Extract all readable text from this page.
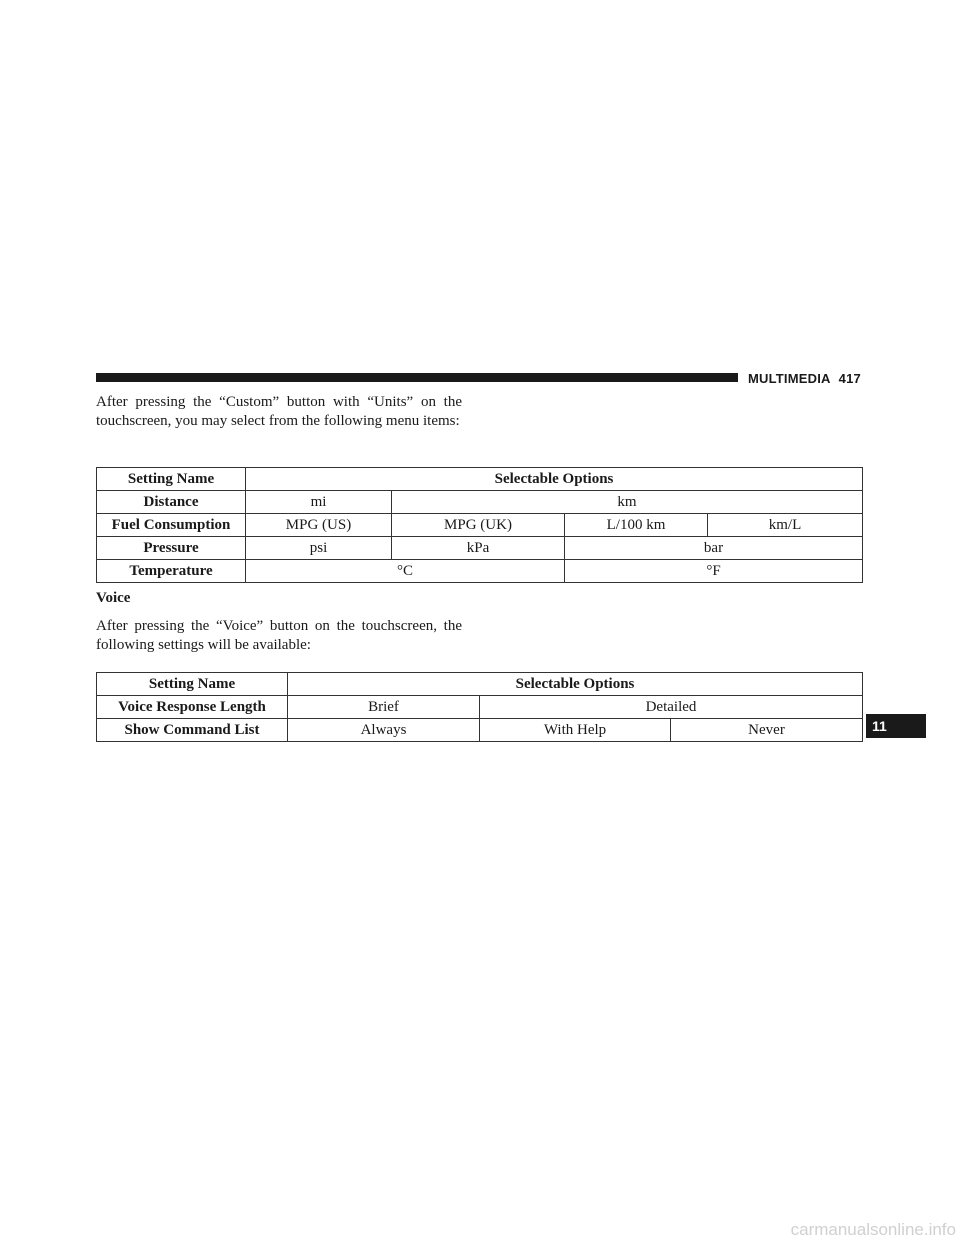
MULTIMEDIA 417
After pressing the “Custom” button with “Units” on the touchscreen, you may select from the following menu items:
Setting Name	Selectable Options			
Distance	mi	km		
Fuel Consumption	MPG (US)	MPG (UK)	L/100 km	km/L
Pressure	psi	kPa	bar	
Temperature	°C		°F	
Voice
After pressing the “Voice” button on the touchscreen, the following settings will be available:
Setting Name	Selectable Options		
Voice Response Length	Brief	Detailed	
Show Command List	Always	With Help	Never	11
carmanualsonline.info
